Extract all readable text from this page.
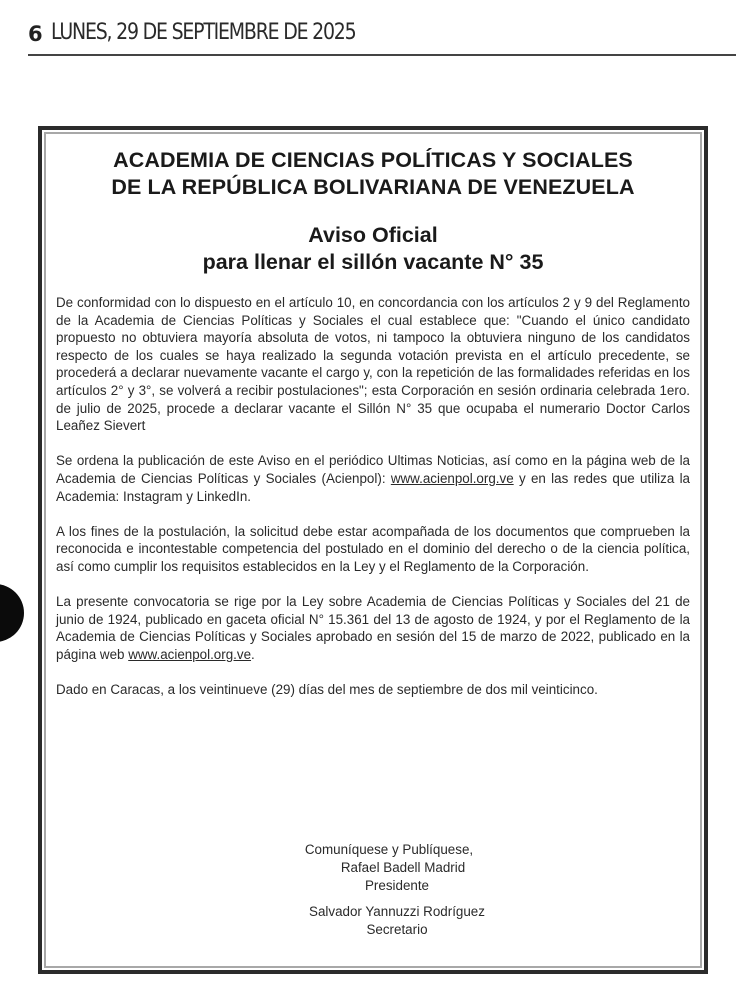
6 LUNES, 29 DE SEPTIEMBRE DE 2025
ACADEMIA DE CIENCIAS POLÍTICAS Y SOCIALES
DE LA REPÚBLICA BOLIVARIANA DE VENEZUELA
Aviso Oficial
para llenar el sillón vacante N° 35

De conformidad con lo dispuesto en el artículo 10, en concordancia con los artículos 2 y 9 del Reglamento de la Academia de Ciencias Políticas y Sociales el cual establece que: "Cuando el único candidato propuesto no obtuviera mayoría absoluta de votos, ni tampoco la obtuviera ninguno de los candidatos respecto de los cuales se haya realizado la segunda votación prevista en el artículo precedente, se procederá a declarar nuevamente vacante el cargo y, con la repetición de las formalidades referidas en los artículos 2° y 3°, se volverá a recibir postulaciones"; esta Corporación en sesión ordinaria celebrada 1ero. de julio de 2025, procede a declarar vacante el Sillón N° 35 que ocupaba el numerario Doctor Carlos Leañez Sievert

Se ordena la publicación de este Aviso en el periódico Ultimas Noticias, así como en la página web de la Academia de Ciencias Políticas y Sociales (Acienpol): www.acienpol.org.ve y en las redes que utiliza la Academia: Instagram y LinkedIn.

A los fines de la postulación, la solicitud debe estar acompañada de los documentos que comprueben la reconocida e incontestable competencia del postulado en el dominio del derecho o de la ciencia política, así como cumplir los requisitos establecidos en la Ley y el Reglamento de la Corporación.

La presente convocatoria se rige por la Ley sobre Academia de Ciencias Políticas y Sociales del 21 de junio de 1924, publicado en gaceta oficial N° 15.361 del 13 de agosto de 1924, y por el Reglamento de la Academia de Ciencias Políticas y Sociales aprobado en sesión del 15 de marzo de 2022, publicado en la página web www.acienpol.org.ve.

Dado en Caracas, a los veintinueve (29) días del mes de septiembre de dos mil veinticinco.

Comuníquese y Publíquese,
Rafael Badell Madrid
Presidente
Salvador Yannuzzi Rodríguez
Secretario
